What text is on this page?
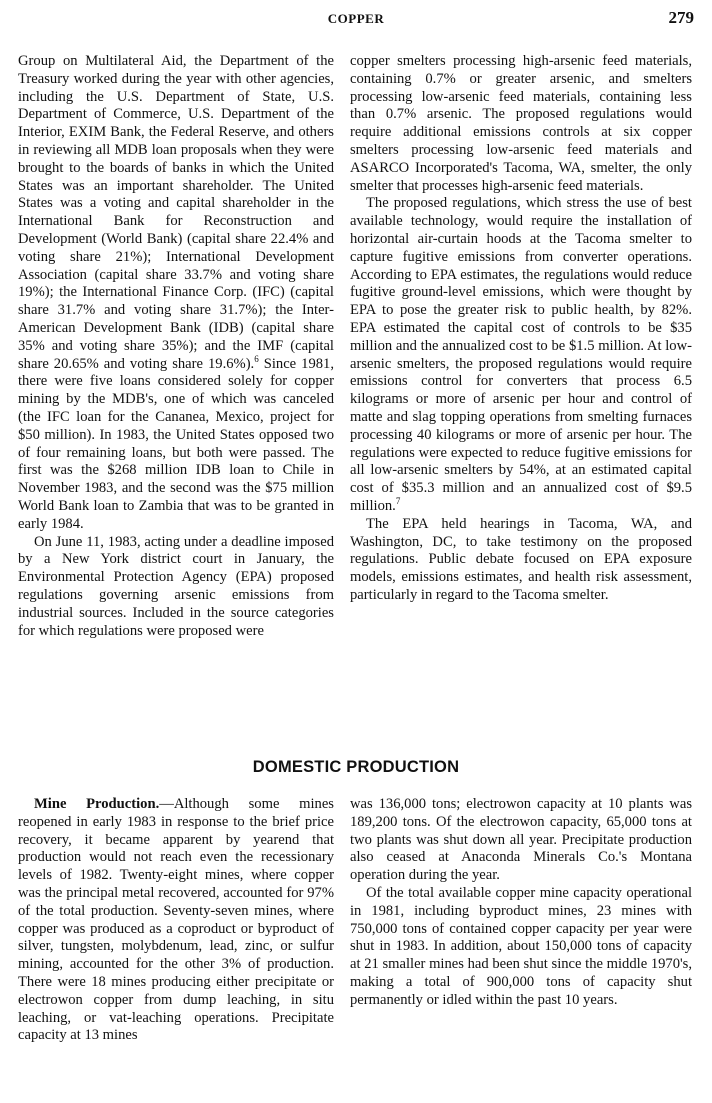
COPPER	279

Group on Multilateral Aid, the Department of the Treasury worked during the year with other agencies, including the U.S. Department of State, U.S. Department of Commerce, U.S. Department of the Interior, EXIM Bank, the Federal Reserve, and others in reviewing all MDB loan proposals when they were brought to the boards of banks in which the United States was an important shareholder. The United States was a voting and capital shareholder in the International Bank for Reconstruction and Development (World Bank) (capital share 22.4% and voting share 21%); International Development Association (capital share 33.7% and voting share 19%); the International Finance Corp. (IFC) (capital share 31.7% and voting share 31.7%); the Inter-American Development Bank (IDB) (capital share 35% and voting share 35%); and the IMF (capital share 20.65% and voting share 19.6%).$^6$ Since 1981, there were five loans considered solely for copper mining by the MDB's, one of which was canceled (the IFC loan for the Cananea, Mexico, project for $50 million). In 1983, the United States opposed two of four remaining loans, but both were passed. The first was the $268 million IDB loan to Chile in November 1983, and the second was the $75 million World Bank loan to Zambia that was to be granted in early 1984.

On June 11, 1983, acting under a deadline imposed by a New York district court in January, the Environmental Protection Agency (EPA) proposed regulations governing arsenic emissions from industrial sources. Included in the source categories for which regulations were proposed were

copper smelters processing high-arsenic feed materials, containing 0.7% or greater arsenic, and smelters processing low-arsenic feed materials, containing less than 0.7% arsenic. The proposed regulations would require additional emissions controls at six copper smelters processing low-arsenic feed materials and ASARCO Incorporated's Tacoma, WA, smelter, the only smelter that processes high-arsenic feed materials.

The proposed regulations, which stress the use of best available technology, would require the installation of horizontal air-curtain hoods at the Tacoma smelter to capture fugitive emissions from converter operations. According to EPA estimates, the regulations would reduce fugitive ground-level emissions, which were thought by EPA to pose the greater risk to public health, by 82%. EPA estimated the capital cost of controls to be $35 million and the annualized cost to be $1.5 million. At low-arsenic smelters, the proposed regulations would require emissions control for converters that process 6.5 kilograms or more of arsenic per hour and control of matte and slag topping operations from smelting furnaces processing 40 kilograms or more of arsenic per hour. The regulations were expected to reduce fugitive emissions for all low-arsenic smelters by 54%, at an estimated capital cost of $35.3 million and an annualized cost of $9.5 million.$^7$

The EPA held hearings in Tacoma, WA, and Washington, DC, to take testimony on the proposed regulations. Public debate focused on EPA exposure models, emissions estimates, and health risk assessment, particularly in regard to the Tacoma smelter.

DOMESTIC PRODUCTION

Mine Production.—Although some mines reopened in early 1983 in response to the brief price recovery, it became apparent by yearend that production would not reach even the recessionary levels of 1982. Twenty-eight mines, where copper was the principal metal recovered, accounted for 97% of the total production. Seventy-seven mines, where copper was produced as a coproduct or byproduct of silver, tungsten, molybdenum, lead, zinc, or sulfur mining, accounted for the other 3% of production. There were 18 mines producing either precipitate or electrowon copper from dump leaching, in situ leaching, or vat-leaching operations. Precipitate capacity at 13 mines

was 136,000 tons; electrowon capacity at 10 plants was 189,200 tons. Of the electrowon capacity, 65,000 tons at two plants was shut down all year. Precipitate production also ceased at Anaconda Minerals Co.'s Montana operation during the year.

Of the total available copper mine capacity operational in 1981, including byproduct mines, 23 mines with 750,000 tons of contained copper capacity per year were shut in 1983. In addition, about 150,000 tons of capacity at 21 smaller mines had been shut since the middle 1970's, making a total of 900,000 tons of capacity shut permanently or idled within the past 10 years.
